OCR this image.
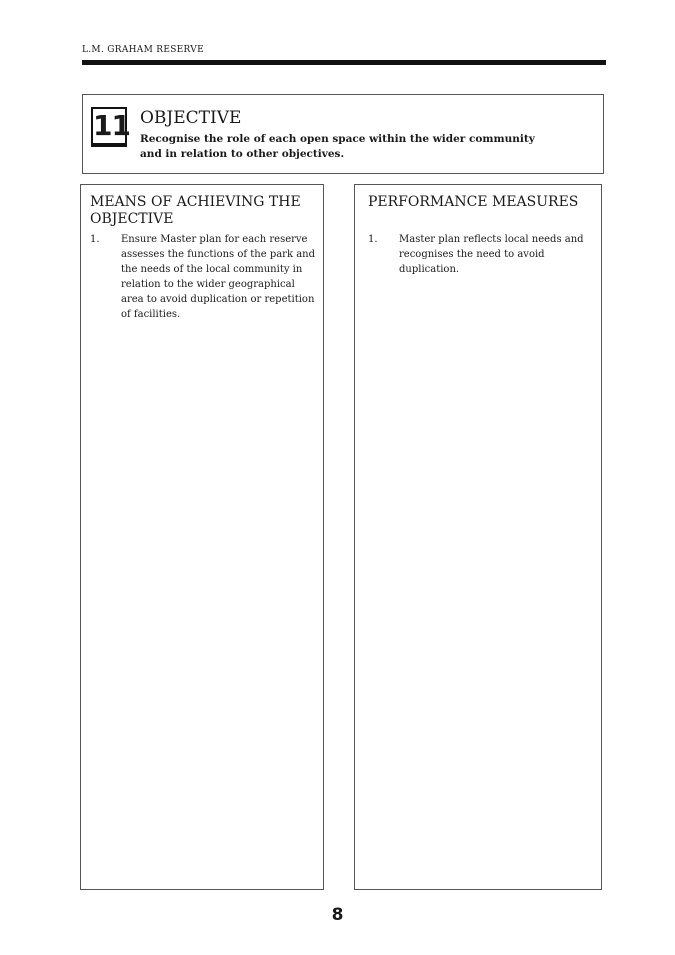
L.M. GRAHAM RESERVE
11 OBJECTIVE
Recognise the role of each open space within the wider community and in relation to other objectives.
MEANS OF ACHIEVING THE OBJECTIVE
1. Ensure Master plan for each reserve assesses the functions of the park and the needs of the local community in relation to the wider geographical area to avoid duplication or repetition of facilities.
PERFORMANCE MEASURES
1. Master plan reflects local needs and recognises the need to avoid duplication.
8
